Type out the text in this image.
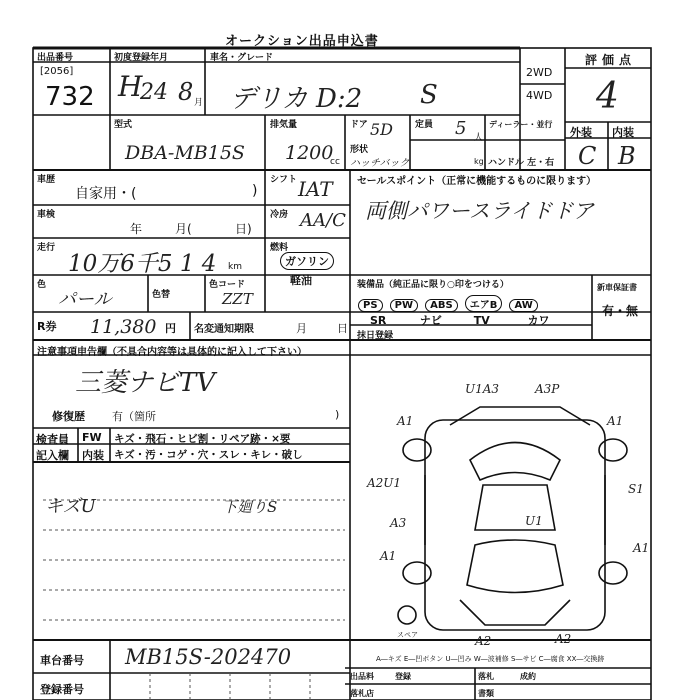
オークション出品申込書
出品番号
[2056]
732
初度登録年月
H
24 8 月
車名・グレード
デリカ D:2 S
2WD
4WD
評価点
4
外装 内装
C B
型式
DBA-MB15S
排気量
1200
cc
ドア 5D 定員 5 人
ディーラー・並行
形状
ハッチバック	kg ハンドル 左・右
車歴
自家用・(	)
シフト IAT セールスポイント（正常に機能するものに限ります）
両側パワースライドドア
車検
年	月(	日)
冷房 AA/C
走行
10万6千5 1 4 km
燃料
ガソリン
軽油
色
パール	色替
色コード
ZZT
装備品（純正品に限り○印をつける）
PS PW ABS エアB AW
SR	ナビ	TV	カワ
新車保証書
有・無
R券 11,380 円 名変通知期限	月	日
抹日登録
注意事項申告欄（不具合内容等は具体的に記入して下さい）
三菱ナビTV
修復歴 有（箇所	)
検査員 FW キズ・飛石・ヒビ割・リペア跡・×要
記入欄 内装 キズ・汚・コゲ・穴・スレ・キレ・破し
キズU	下廻りS
U1A3	A3P
A1	A1
A2U1
A3
A1
S1
U1
A1
A2	A2
スペア
A―キズ E―凹ボタン U―凹み W―波補修 S―サビ C―腐食 XX―交換跡
車台番号 MB15S-202470
登録番号
出品料	登録	落札	成約
落札店	書類
